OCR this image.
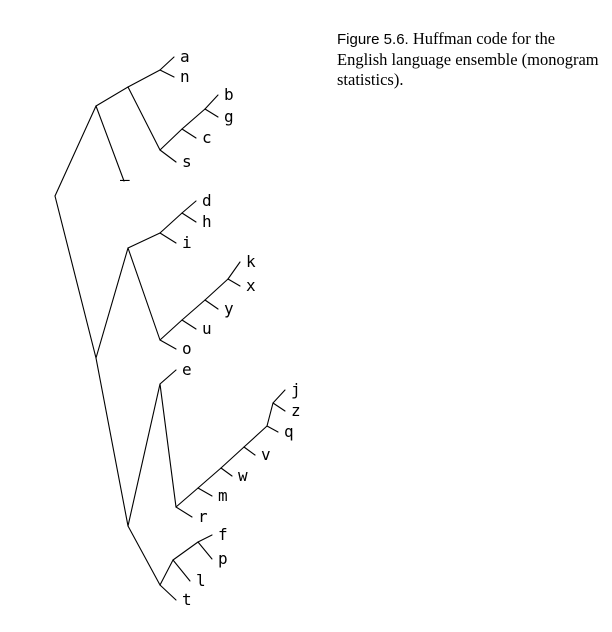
a
n
b
g
c
s
–
d
h
i
k
x
y
u
o
e
j
z
q
v
w
m
r
f
p
l
t
Figure 5.6. Huffman code for the English language ensemble (monogram statistics).
